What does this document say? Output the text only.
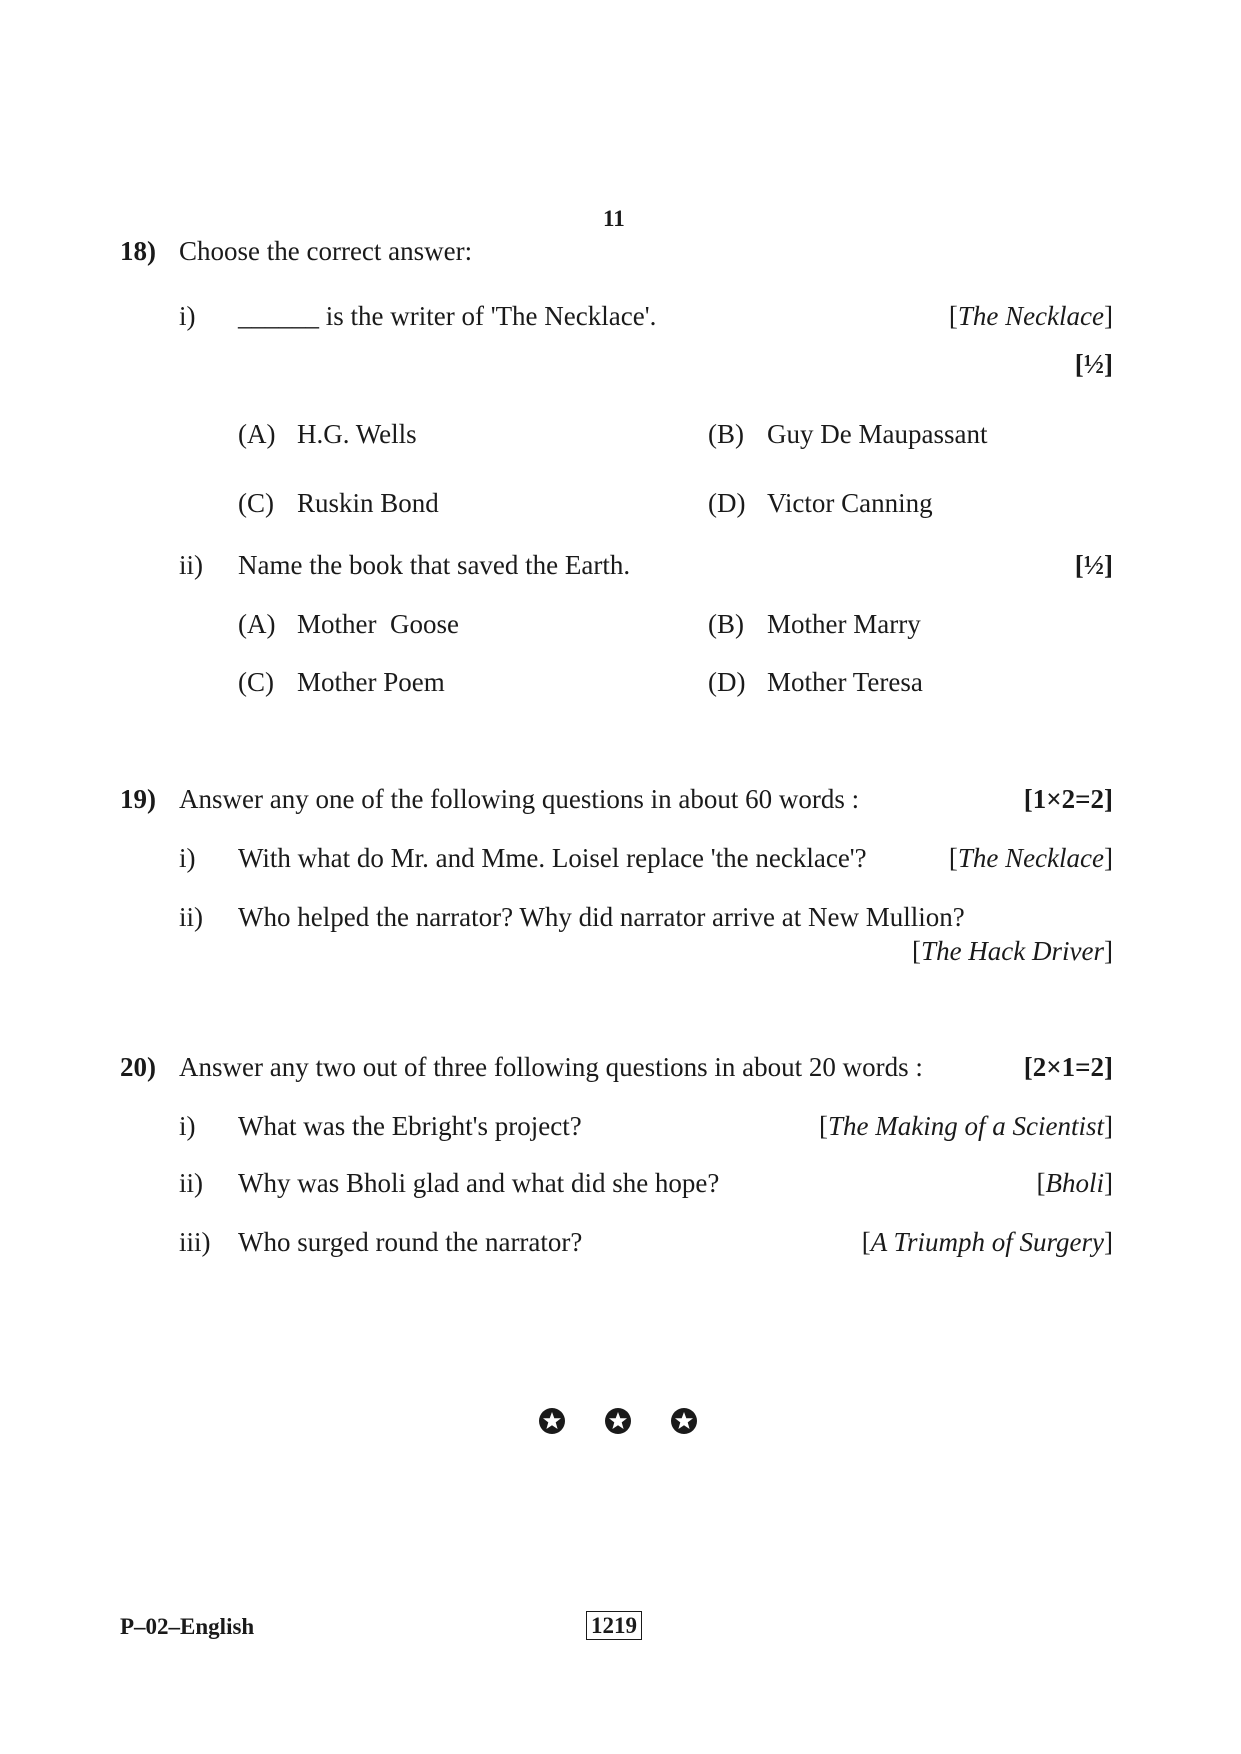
11
18) Choose the correct answer:
i) ______ is the writer of 'The Necklace'.	[The Necklace]
[½]
(A) H.G. Wells	(B) Guy De Maupassant
(C) Ruskin Bond	(D) Victor Canning
ii) Name the book that saved the Earth.	[½]
(A) Mother  Goose	(B) Mother Marry
(C) Mother Poem	(D) Mother Teresa
19) Answer any one of the following questions in about 60 words :	[1×2=2]
i) With what do Mr. and Mme. Loisel replace 'the necklace'?	[The Necklace]
ii) Who helped the narrator? Why did narrator arrive at New Mullion?
[The Hack Driver]
20) Answer any two out of three following questions in about 20 words :	[2×1=2]
i) What was the Ebright's project?	[The Making of a Scientist]
ii) Why was Bholi glad and what did she hope?	[Bholi]
iii) Who surged round the narrator?	[A Triumph of Surgery]
P–02–English	1219
